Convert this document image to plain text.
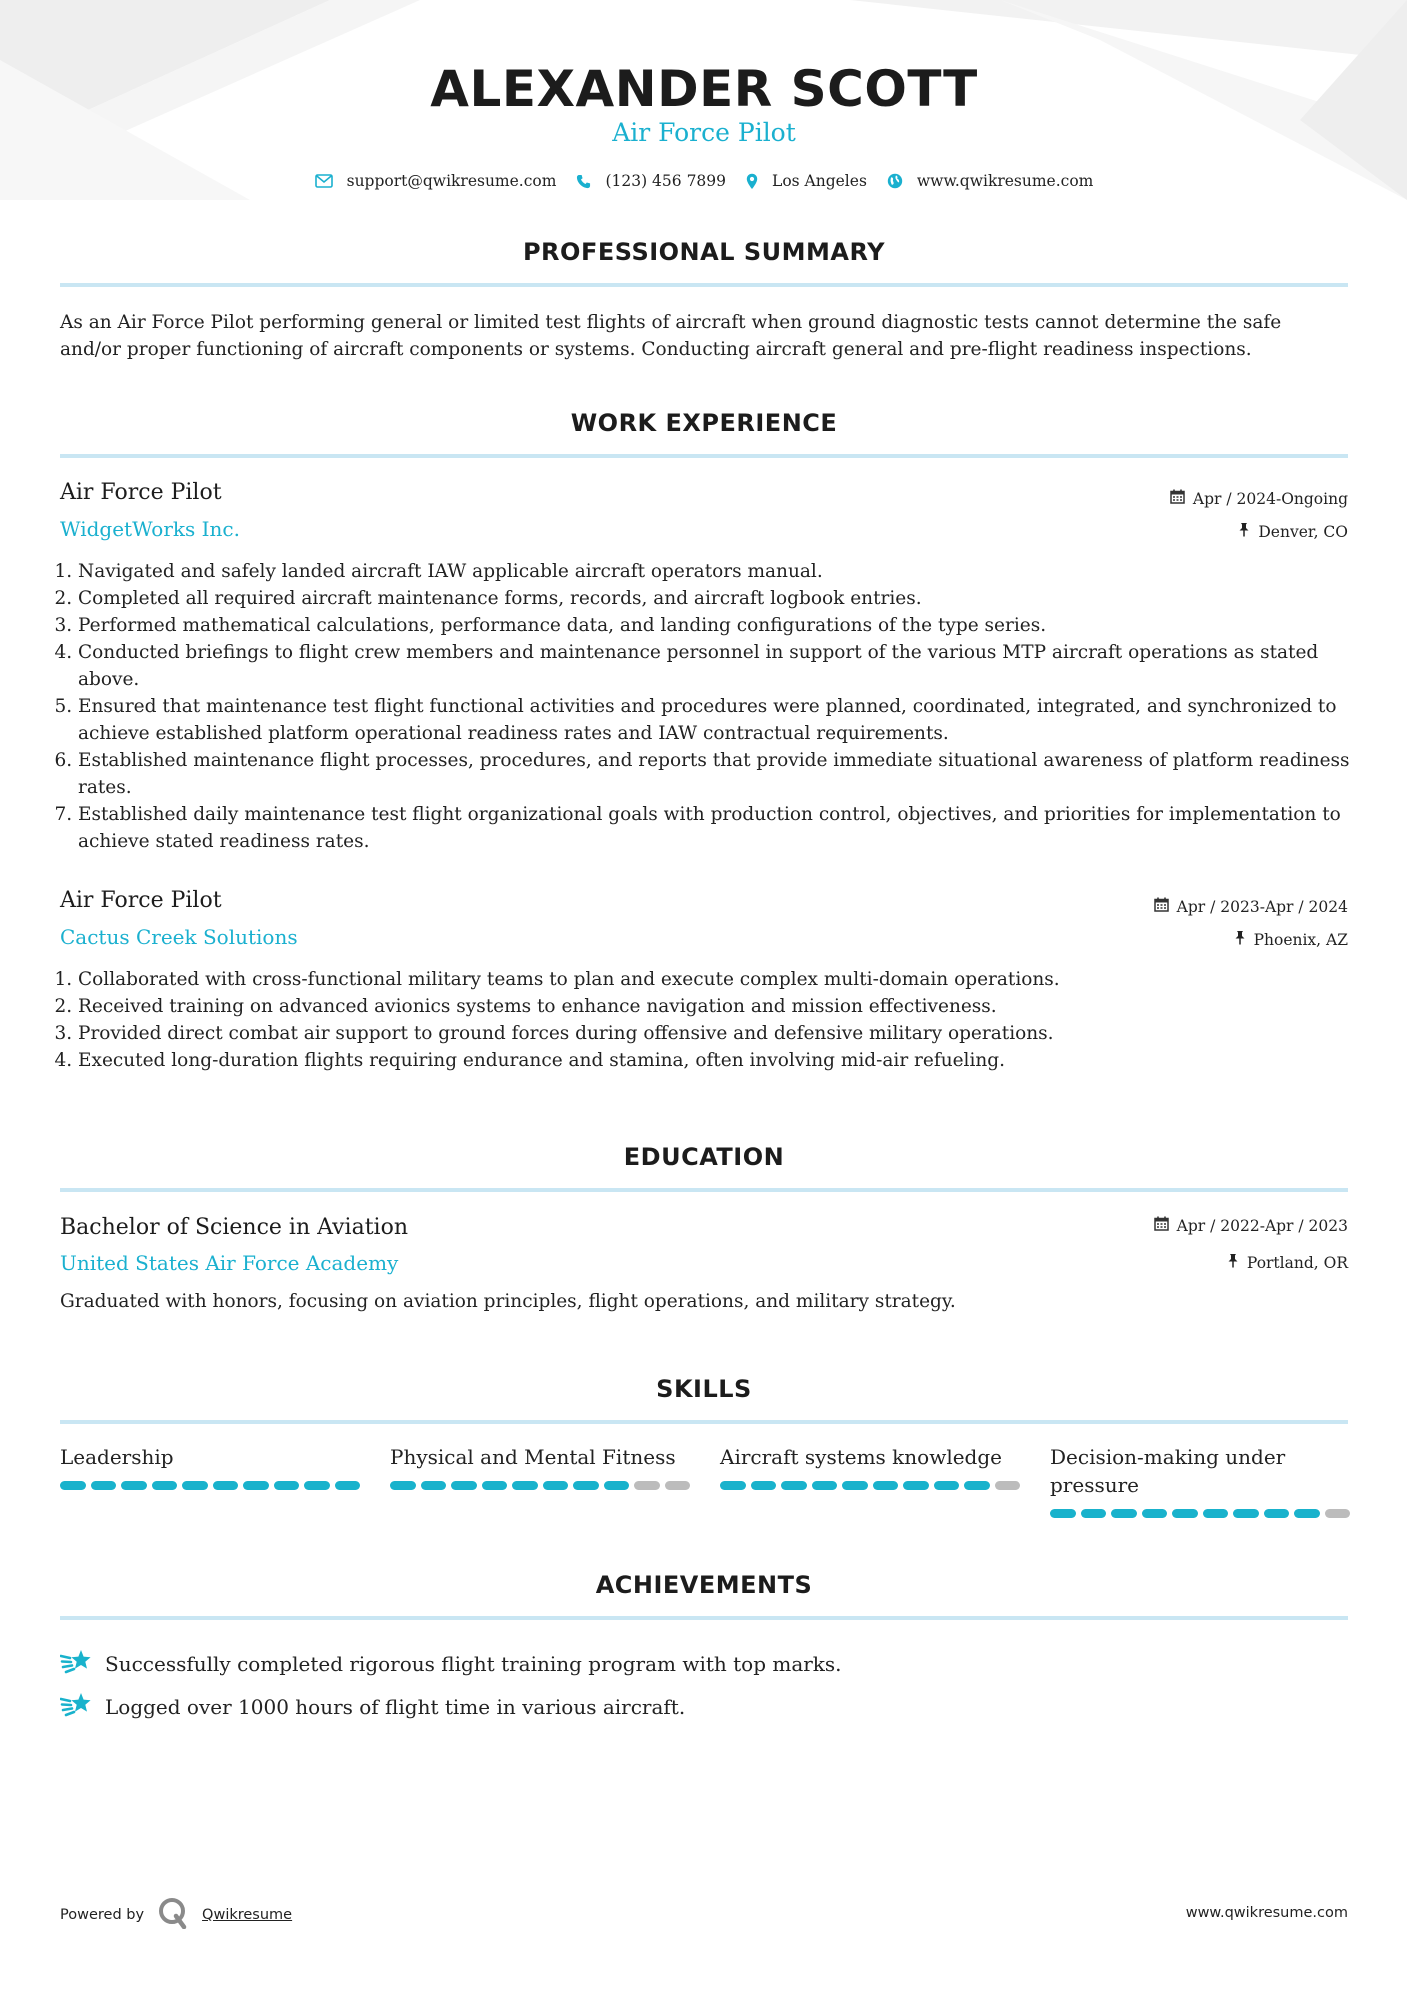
ALEXANDER SCOTT
Air Force Pilot
support@qwikresume.com	(123) 456 7899	Los Angeles	www.qwikresume.com
PROFESSIONAL SUMMARY
As an Air Force Pilot performing general or limited test flights of aircraft when ground diagnostic tests cannot determine the safe and/or proper functioning of aircraft components or systems. Conducting aircraft general and pre-flight readiness inspections.
WORK EXPERIENCE
Air Force Pilot	Apr / 2024-Ongoing
WidgetWorks Inc.	Denver, CO
1. Navigated and safely landed aircraft IAW applicable aircraft operators manual.
2. Completed all required aircraft maintenance forms, records, and aircraft logbook entries.
3. Performed mathematical calculations, performance data, and landing configurations of the type series.
4. Conducted briefings to flight crew members and maintenance personnel in support of the various MTP aircraft operations as stated above.
5. Ensured that maintenance test flight functional activities and procedures were planned, coordinated, integrated, and synchronized to achieve established platform operational readiness rates and IAW contractual requirements.
6. Established maintenance flight processes, procedures, and reports that provide immediate situational awareness of platform readiness rates.
7. Established daily maintenance test flight organizational goals with production control, objectives, and priorities for implementation to achieve stated readiness rates.
Air Force Pilot	Apr / 2023-Apr / 2024
Cactus Creek Solutions	Phoenix, AZ
1. Collaborated with cross-functional military teams to plan and execute complex multi-domain operations.
2. Received training on advanced avionics systems to enhance navigation and mission effectiveness.
3. Provided direct combat air support to ground forces during offensive and defensive military operations.
4. Executed long-duration flights requiring endurance and stamina, often involving mid-air refueling.
EDUCATION
Bachelor of Science in Aviation	Apr / 2022-Apr / 2023
United States Air Force Academy	Portland, OR
Graduated with honors, focusing on aviation principles, flight operations, and military strategy.
SKILLS
Leadership	Physical and Mental Fitness	Aircraft systems knowledge	Decision-making under pressure
ACHIEVEMENTS
Successfully completed rigorous flight training program with top marks.
Logged over 1000 hours of flight time in various aircraft.
Powered by	Qwikresume	www.qwikresume.com
